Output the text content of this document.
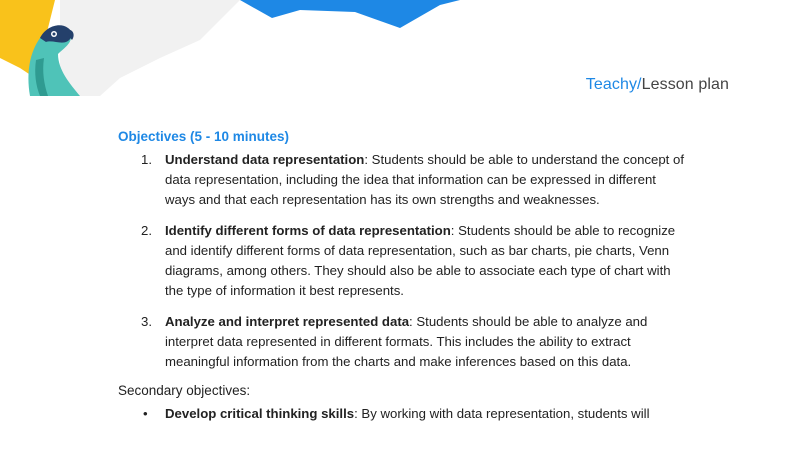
Teachy/Lesson plan
Objectives (5 - 10 minutes)
1. Understand data representation: Students should be able to understand the concept of data representation, including the idea that information can be expressed in different ways and that each representation has its own strengths and weaknesses.
2. Identify different forms of data representation: Students should be able to recognize and identify different forms of data representation, such as bar charts, pie charts, Venn diagrams, among others. They should also be able to associate each type of chart with the type of information it best represents.
3. Analyze and interpret represented data: Students should be able to analyze and interpret data represented in different formats. This includes the ability to extract meaningful information from the charts and make inferences based on this data.
Secondary objectives:
• Develop critical thinking skills: By working with data representation, students will
